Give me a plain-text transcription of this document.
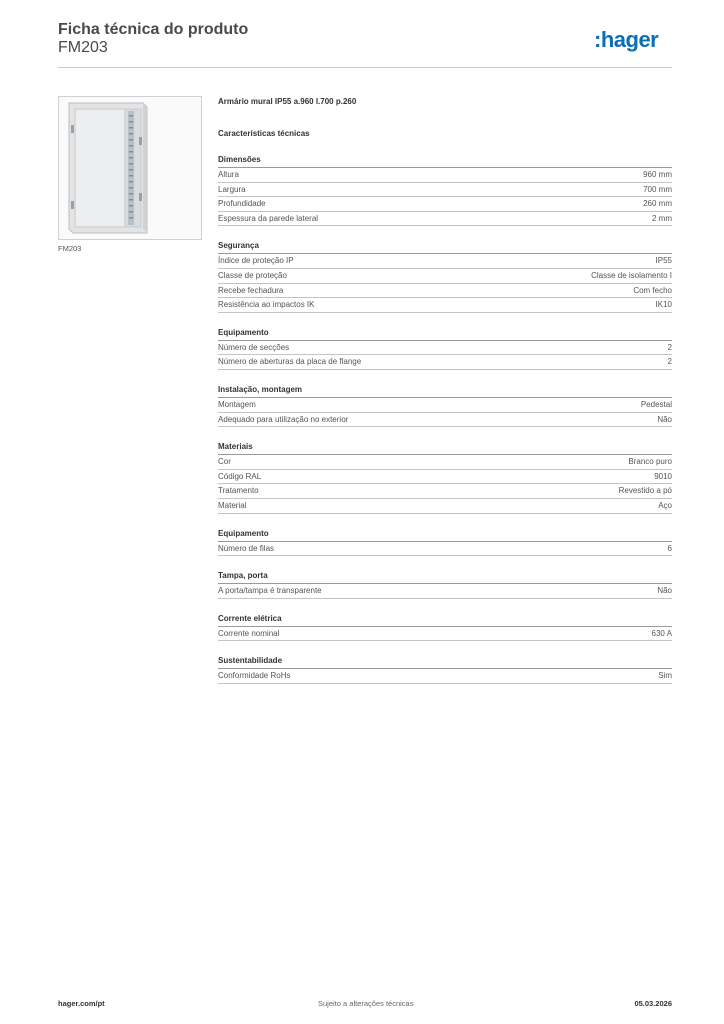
Ficha técnica do produto
FM203	:hager
FM203
Armário mural IP55 a.960 l.700 p.260
Características técnicas
Dimensões
Altura	960 mm
Largura	700 mm
Profundidade	260 mm
Espessura da parede lateral	2 mm
Segurança
Índice de proteção IP	IP55
Classe de proteção	Classe de isolamento I
Recebe fechadura	Com fecho
Resistência ao impactos IK	IK10
Equipamento
Número de secções	2
Número de aberturas da placa de flange	2
Instalação, montagem
Montagem	Pedestal
Adequado para utilização no exterior	Não
Materiais
Cor	Branco puro
Código RAL	9010
Tratamento	Revestido a pó
Material	Aço
Equipamento
Número de filas	6
Tampa, porta
A porta/tampa é transparente	Não
Corrente elétrica
Corrente nominal	630 A
Sustentabilidade
Conformidade RoHs	Sim
hager.com/pt	Sujeito a alterações técnicas	05.03.2026
